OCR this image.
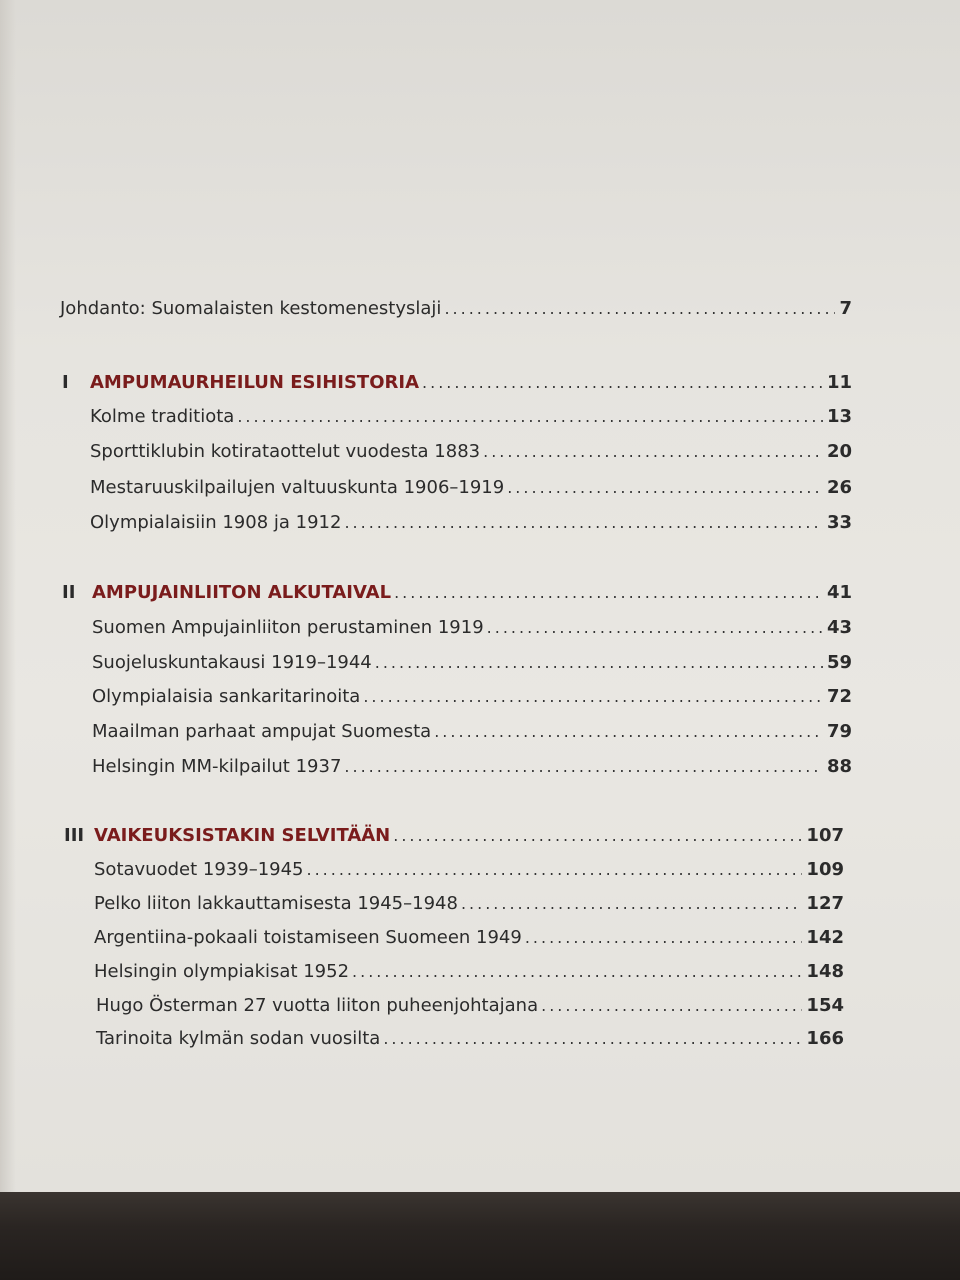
Johdanto: Suomalaisten kestomenestyslaji .....	7
I AMPUMAURHEILUN ESIHISTORIA .....	11
Kolme traditiota .....	13
Sporttiklubin kotirataottelut vuodesta 1883 .....	20
Mestaruuskilpailujen valtuuskunta 1906–1919 .....	26
Olympialaisiin 1908 ja 1912 .....	33
II AMPUJAINLIITON ALKUTAIVAL .....	41
Suomen Ampujainliiton perustaminen 1919 .....	43
Suojeluskuntakausi 1919–1944 .....	59
Olympialaisia sankaritarinoita .....	72
Maailman parhaat ampujat Suomesta .....	79
Helsingin MM-kilpailut 1937 .....	88
III VAIKEUKSISTAKIN SELVITÄÄN .....	107
Sotavuodet 1939–1945 .....	109
Pelko liiton lakkauttamisesta 1945–1948 .....	127
Argentiina-pokaali toistamiseen Suomeen 1949 .....	142
Helsingin olympiakisat 1952 .....	148
Hugo Österman 27 vuotta liiton puheenjohtajana .....	154
Tarinoita kylmän sodan vuosilta .....	166
